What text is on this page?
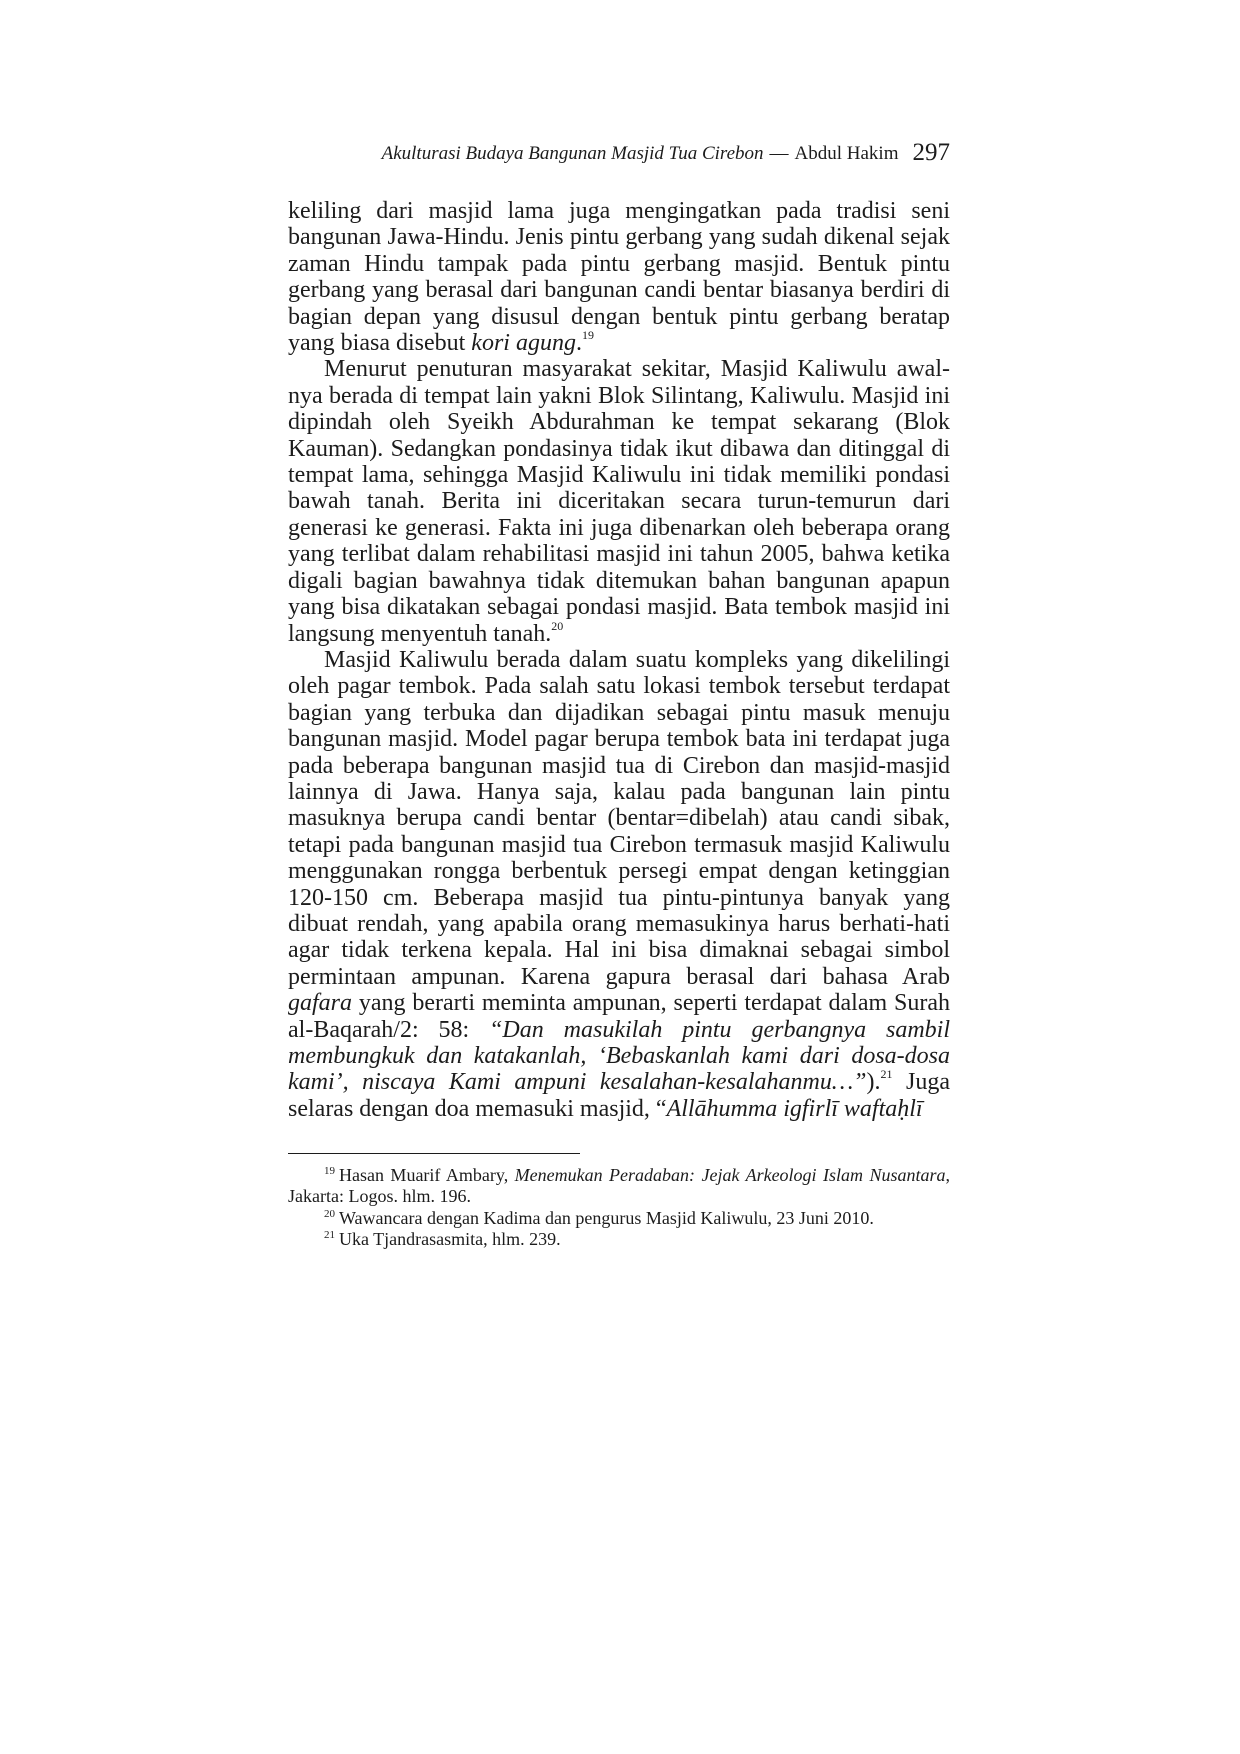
Akulturasi Budaya Bangunan Masjid Tua Cirebon — Abdul Hakim 297

keliling dari masjid lama juga mengingatkan pada tradisi seni bangunan Jawa-Hindu. Jenis pintu gerbang yang sudah dikenal sejak zaman Hindu tampak pada pintu gerbang masjid. Bentuk pintu gerbang yang berasal dari bangunan candi bentar biasanya berdiri di bagian depan yang disusul dengan bentuk pintu gerbang beratap yang biasa disebut kori agung.$^{19}$

Menurut penuturan masyarakat sekitar, Masjid Kaliwulu awal-nya berada di tempat lain yakni Blok Silintang, Kaliwulu. Masjid ini dipindah oleh Syeikh Abdurahman ke tempat sekarang (Blok Kauman). Sedangkan pondasinya tidak ikut dibawa dan ditinggal di tempat lama, sehingga Masjid Kaliwulu ini tidak memiliki pondasi bawah tanah. Berita ini diceritakan secara turun-temurun dari generasi ke generasi. Fakta ini juga dibenarkan oleh beberapa orang yang terlibat dalam rehabilitasi masjid ini tahun 2005, bahwa ketika digali bagian bawahnya tidak ditemukan bahan bangunan apapun yang bisa dikatakan sebagai pondasi masjid. Bata tembok masjid ini langsung menyentuh tanah.$^{20}$

Masjid Kaliwulu berada dalam suatu kompleks yang dikelilingi oleh pagar tembok. Pada salah satu lokasi tembok tersebut terdapat bagian yang terbuka dan dijadikan sebagai pintu masuk menuju bangunan masjid. Model pagar berupa tembok bata ini terdapat juga pada beberapa bangunan masjid tua di Cirebon dan masjid-masjid lainnya di Jawa. Hanya saja, kalau pada bangunan lain pintu masuknya berupa candi bentar (bentar=dibelah) atau candi sibak, tetapi pada bangunan masjid tua Cirebon termasuk masjid Kaliwulu menggunakan rongga berbentuk persegi empat dengan ketinggian 120-150 cm. Beberapa masjid tua pintu-pintunya banyak yang dibuat rendah, yang apabila orang memasukinya harus berhati-hati agar tidak terkena kepala. Hal ini bisa dimaknai sebagai simbol permintaan ampunan. Karena gapura berasal dari bahasa Arab gafara yang berarti meminta ampunan, seperti terdapat dalam Surah al-Baqarah/2: 58: “Dan masukilah pintu gerbangnya sambil membungkuk dan katakanlah, ‘Bebaskanlah kami dari dosa-dosa kami’, niscaya Kami ampuni kesalahan-kesalahanmu…”).$^{21}$ Juga selaras dengan doa memasuki masjid, “Allāhumma igfirlī waftaḥlī

$^{19}$ Hasan Muarif Ambary, Menemukan Peradaban: Jejak Arkeologi Islam Nusantara, Jakarta: Logos. hlm. 196.

$^{20}$ Wawancara dengan Kadima dan pengurus Masjid Kaliwulu, 23 Juni 2010.

$^{21}$ Uka Tjandrasasmita, hlm. 239.
